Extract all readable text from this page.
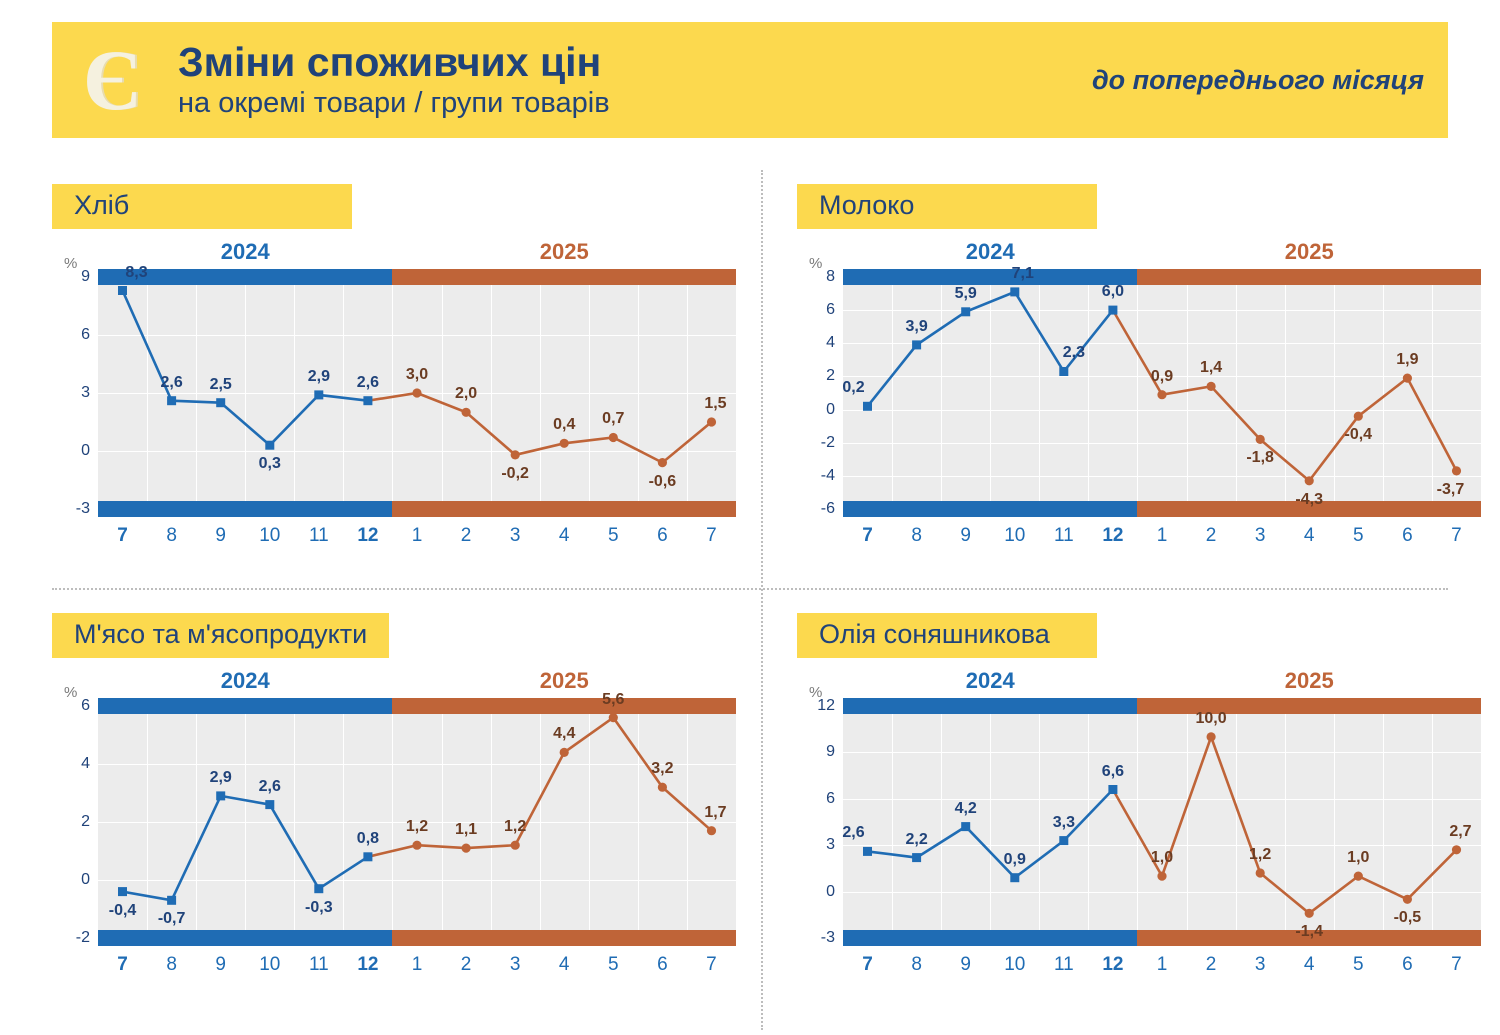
Є Зміни споживчих цін
на окремі товари / групи товарів
до попереднього місяця
Хліб
9
6
3
0
-3
%	2024	2025
7 8 9 10 11 12 1 2 3 4 5 6 7
8,3
2,6 2,5
0,3
2,9 2,6 3,0
2,0
-0,2
0,4 0,7
-0,6
1,5
Молоко
8
6
4
2
0
-2
-4
-6
%	2024	2025
7 8 9 10 11 12 1 2 3 4 5 6 7
0,2
3,9
5,9
7,1
2,3
6,0
0,9 1,4
-1,8
-4,3
-0,4
1,9
-3,7
М'ясо та м'ясопродукти
6
4
2
0
-2
%	2024	2025
7 8 9 10 11 12 1 2 3 4 5 6 7
-0,4
-0,7
2,9
2,6
-0,3
0,8
1,2 1,1 1,2
4,4
5,6
3,2
1,7
Олія соняшникова
12
9
6
3
0
-3
%	2024	2025
7 8 9 10 11 12 1 2 3 4 5 6 7
2,6	2,2
4,2
0,9
3,3
6,6
1,0
10,0
1,2
-1,4
1,0
-0,5
2,7
